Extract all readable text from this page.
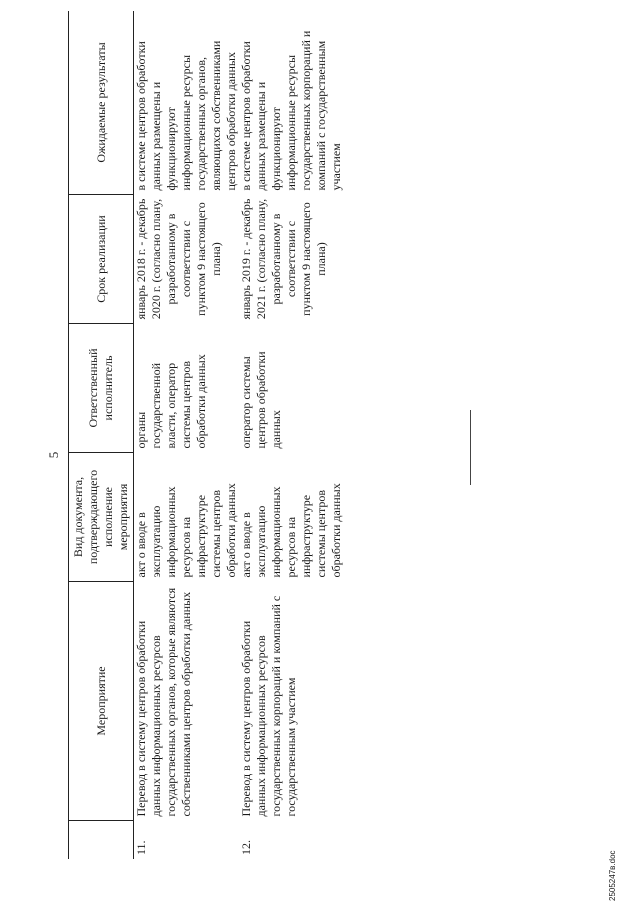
5
	Мероприятие	Вид документа, подтверждающего исполнение мероприятия	Ответственный исполнитель	Срок реализации	Ожидаемые результаты
11.	Перевод в систему центров обработки данных информационных ресурсов государственных органов, которые являются собственниками центров обработки данных	акт о вводе в эксплуатацию информационных ресурсов на инфраструктуре системы центров обработки данных	органы государственной власти, оператор системы центров обработки данных	январь 2018 г. - декабрь 2020 г. (согласно плану, разработанному в соответствии с пунктом 9 настоящего плана)	в системе центров обработки данных размещены и функционируют информационные ресурсы государственных органов, являющихся собственниками центров обработки данных
12.	Перевод в систему центров обработки данных информационных ресурсов государственных корпораций и компаний с государственным участием	акт о вводе в эксплуатацию информационных ресурсов на инфраструктуре системы центров обработки данных	оператор системы центров обработки данных	январь 2019 г. - декабрь 2021 г. (согласно плану, разработанному в соответствии с пунктом 9 настоящего плана)	в системе центров обработки данных размещены и функционируют информационные ресурсы государственных корпораций и компаний с государственным участием
2505247в.doc
